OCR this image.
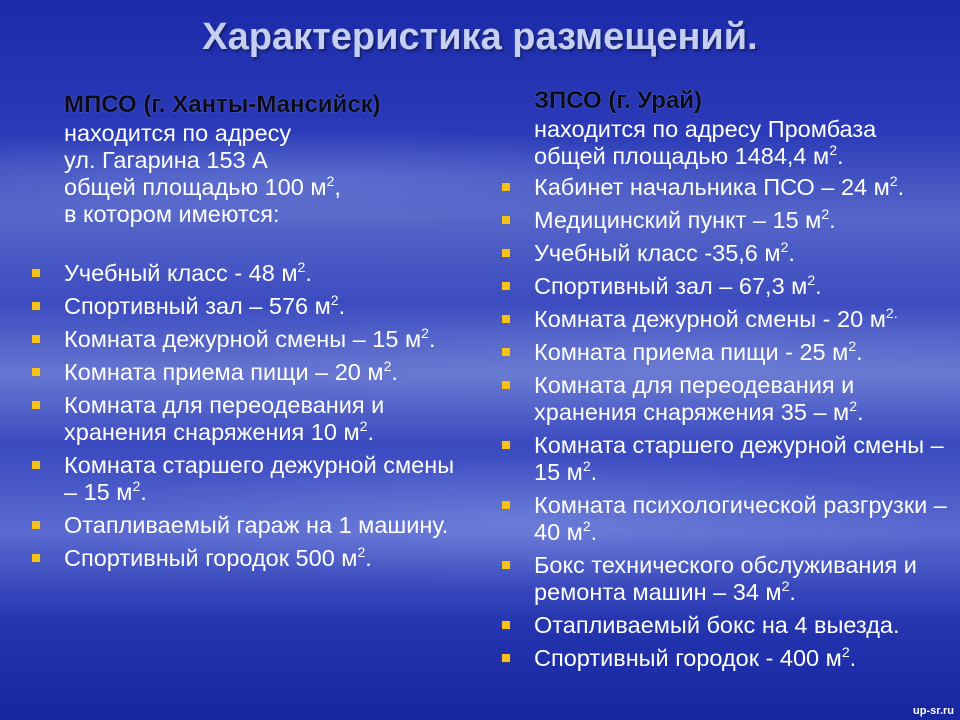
Характеристика размещений.
МПСО (г. Ханты-Мансийск)
находится по адресу
ул. Гагарина 153 А
общей площадью 100 $м^2$,
в котором имеются:
Учебный класс - 48 $м^2$.
Спортивный зал – 576 $м^2$.
Комната дежурной смены – 15 $м^2$.
Комната приема пищи – 20 $м^2$.
Комната для переодевания и хранения снаряжения 10 $м^2$.
Комната старшего дежурной смены – 15 $м^2$.
Отапливаемый гараж на 1 машину.
Спортивный городок 500 $м^2$.
ЗПСО (г. Урай)
находится по адресу Промбаза
общей площадью 1484,4 $м^2$.
Кабинет начальника ПСО – 24 $м^2$.
Медицинский пункт – 15 $м^2$.
Учебный класс -35,6 $м^2$.
Спортивный зал – 67,3 $м^2$.
Комната дежурной смены - 20 $м^{2.}$
Комната приема пищи - 25 $м^2$.
Комната для переодевания и хранения снаряжения $35 - м^2$.
Комната старшего дежурной смены – 15 $м^2$.
Комната психологической разгрузки – 40 $м^2$.
Бокс технического обслуживания и ремонта машин – 34 $м^2$.
Отапливаемый бокс на 4 выезда.
Спортивный городок - 400 $м^2$.
up-sr.ru
